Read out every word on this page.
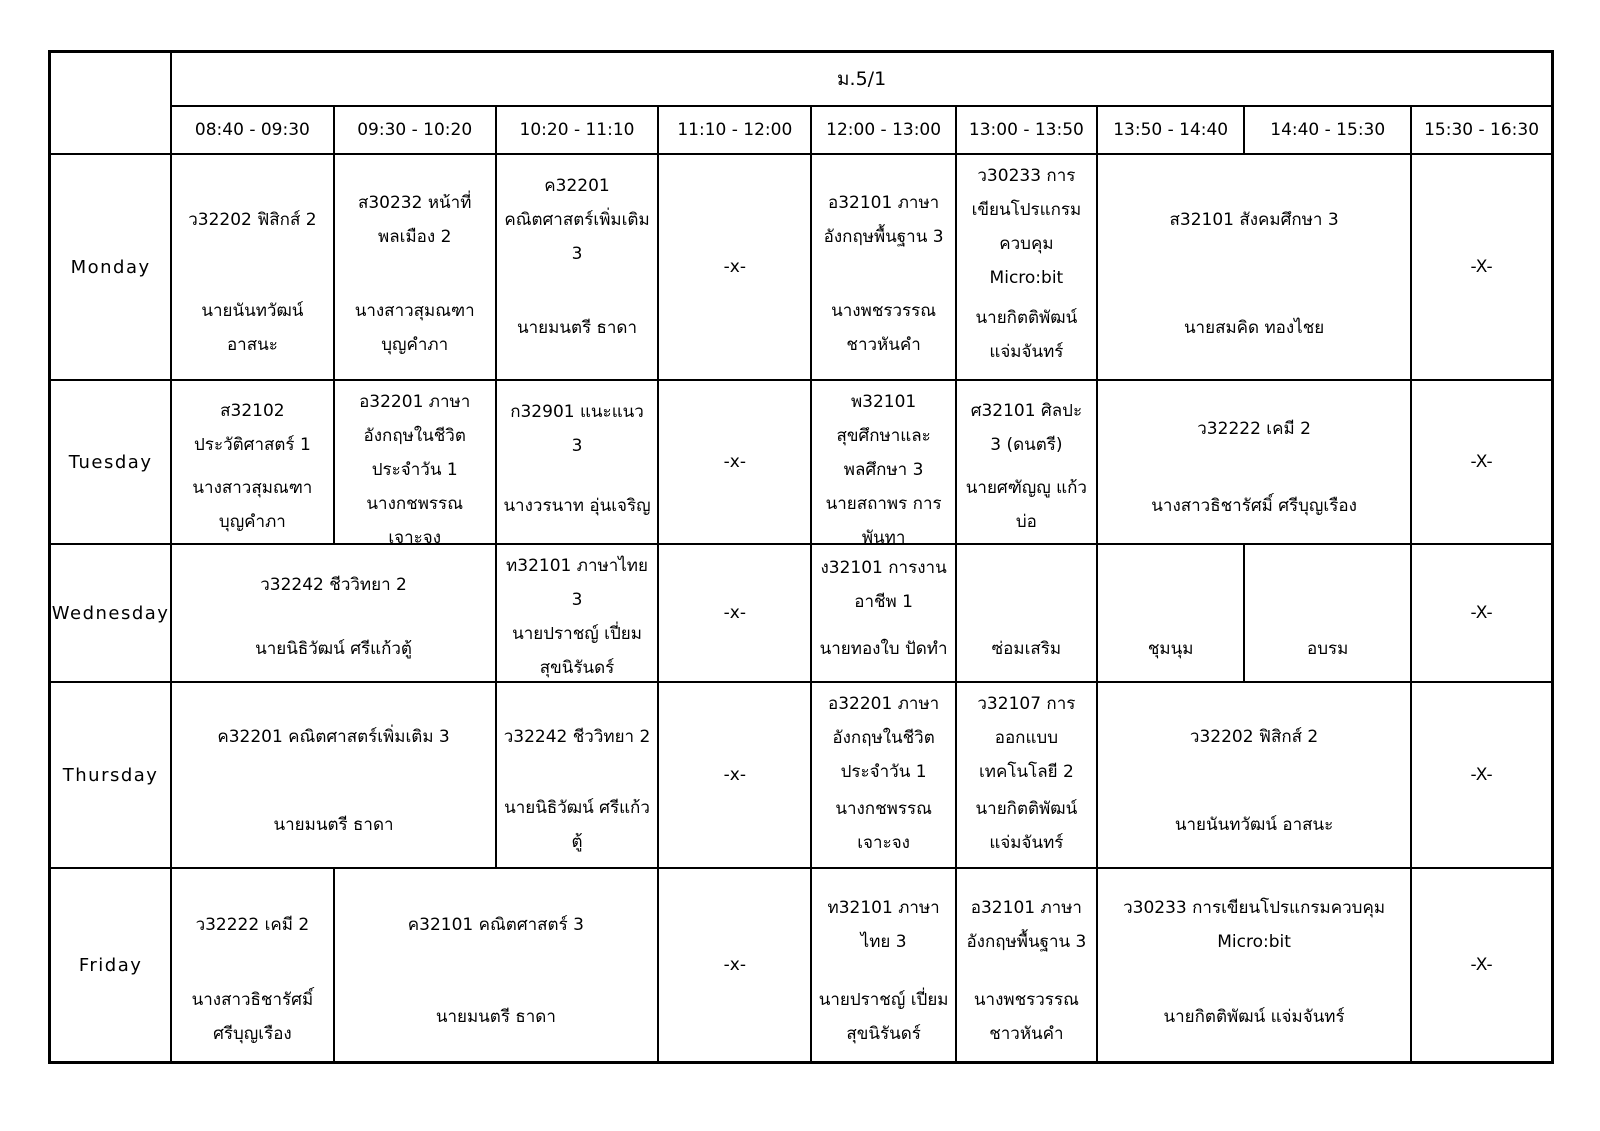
	ม.5/1								
	08:40 - 09:30	09:30 - 10:20	10:20 - 11:10	11:10 - 12:00	12:00 - 13:00	13:00 - 13:50	13:50 - 14:40	14:40 - 15:30	15:30 - 16:30
Monday	
ว32202 ฟิสิกส์ 2
นายนันทวัฒน์ อาสนะ

ส30232 หน้าที่พลเมือง 2
นางสาวสุมณฑา บุญคำภา

ค32201 คณิตศาสตร์เพิ่มเติม 3
นายมนตรี ธาดา

-x-

อ32101 ภาษาอังกฤษพื้นฐาน 3
นางพชรวรรณ ชาวหันคำ

ว30233 การเขียนโปรแกรมควบคุม Micro:bit
นายกิตติพัฒน์ แจ่มจันทร์

ส32101 สังคมศึกษา 3
นายสมคิด ทองไชย

-X-

Tuesday	
ส32102 ประวัติศาสตร์ 1
นางสาวสุมณฑา บุญคำภา

อ32201 ภาษาอังกฤษในชีวิตประจำวัน 1
นางกชพรรณ เจาะจง

ก32901 แนะแนว 3
นางวรนาท อุ่นเจริญ

-x-

พ32101 สุขศึกษาและพลศึกษา 3
นายสถาพร การพันทา

ศ32101 ศิลปะ 3 (ดนตรี)
นายศฑัญญู แก้วบ่อ

ว32222 เคมี 2
นางสาวธิชารัศมิ์ ศรีบุญเรือง

-X-

Wednesday	
ว32242 ชีววิทยา 2
นายนิธิวัฒน์ ศรีแก้วตู้

ท32101 ภาษาไทย 3
นายปราชญ์ เปี่ยมสุขนิรันดร์

-x-

ง32101 การงานอาชีพ 1
นายทองใบ ปัดทำ	ซ่อมเสริม	ชุมนุม	อบรม

-X-

Thursday	
ค32201 คณิตศาสตร์เพิ่มเติม 3
นายมนตรี ธาดา

ว32242 ชีววิทยา 2
นายนิธิวัฒน์ ศรีแก้วตู้

-x-

อ32201 ภาษาอังกฤษในชีวิตประจำวัน 1
นางกชพรรณ เจาะจง

ว32107 การออกแบบเทคโนโลยี 2
นายกิตติพัฒน์ แจ่มจันทร์

ว32202 ฟิสิกส์ 2
นายนันทวัฒน์ อาสนะ

-X-

Friday	
ว32222 เคมี 2
นางสาวธิชารัศมิ์ ศรีบุญเรือง

ค32101 คณิตศาสตร์ 3
นายมนตรี ธาดา

-x-

ท32101 ภาษาไทย 3
นายปราชญ์ เปี่ยมสุขนิรันดร์

อ32101 ภาษาอังกฤษพื้นฐาน 3
นางพชรวรรณ ชาวหันคำ

ว30233 การเขียนโปรแกรมควบคุม Micro:bit
นายกิตติพัฒน์ แจ่มจันทร์

-X-
